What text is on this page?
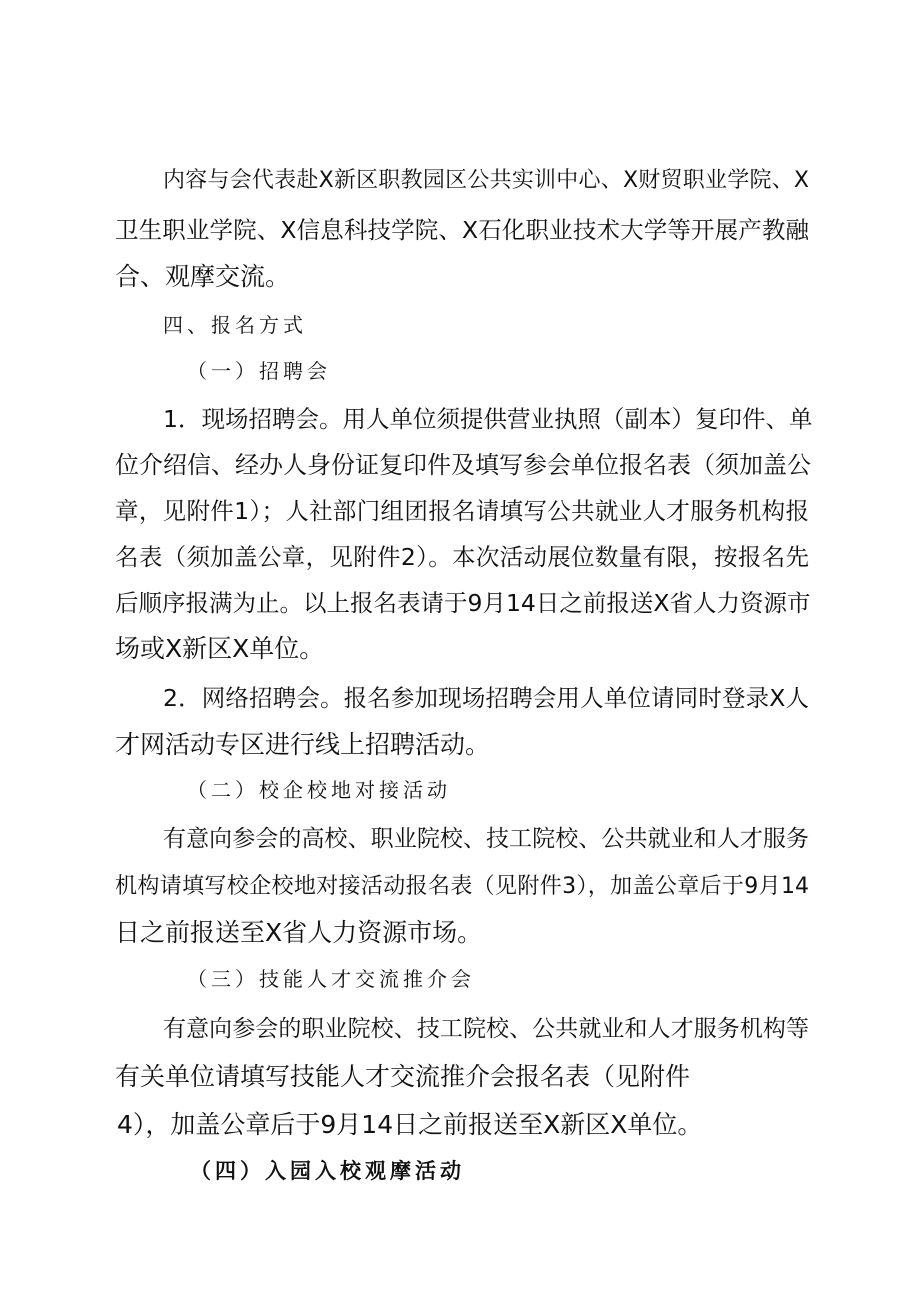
内容与会代表赴X新区职教园区公共实训中心、X财贸职业学院、X
卫生职业学院、X信息科技学院、X石化职业技术大学等开展产教融
合、观摩交流。
四、报名方式
（一）招聘会
1．现场招聘会。用人单位须提供营业执照（副本）复印件、单
位介绍信、经办人身份证复印件及填写参会单位报名表（须加盖公
章，见附件1）；人社部门组团报名请填写公共就业人才服务机构报
名表（须加盖公章，见附件2）。本次活动展位数量有限，按报名先
后顺序报满为止。以上报名表请于9月14日之前报送X省人力资源市
场或X新区X单位。
2．网络招聘会。报名参加现场招聘会用人单位请同时登录X人
才网活动专区进行线上招聘活动。
（二）校企校地对接活动
有意向参会的高校、职业院校、技工院校、公共就业和人才服务
机构请填写校企校地对接活动报名表（见附件3），加盖公章后于9月14
日之前报送至X省人力资源市场。
（三）技能人才交流推介会
有意向参会的职业院校、技工院校、公共就业和人才服务机构等
有关单位请填写技能人才交流推介会报名表（见附件
4），加盖公章后于9月14日之前报送至X新区X单位。
（四）入园入校观摩活动
